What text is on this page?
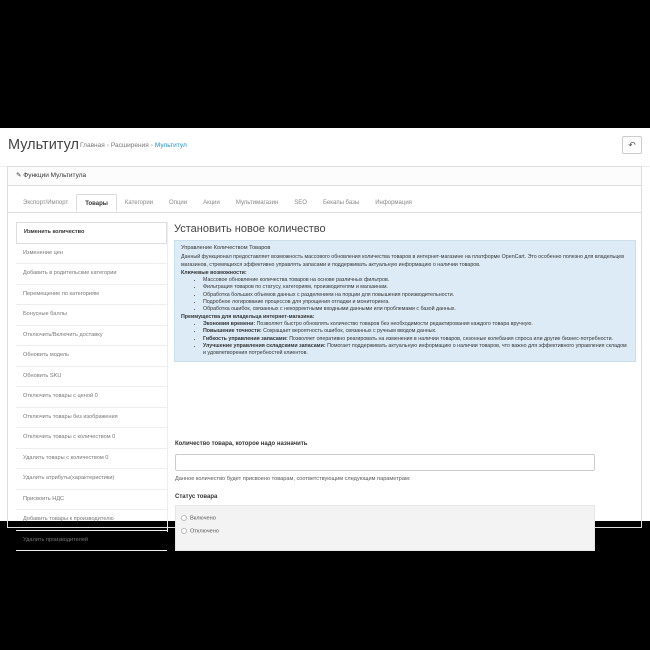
Мультитул Главная › Расширения › Мультитул	↶
✎ Функции Мультитула
Экспорт/Импорт	Товары	Категории	Опции	Акции	Мультимагазин	SEO	Бекапы базы	Информация
Изменить количество
Изменение цен
Добавить в родительские категории
Перемещение по категориям
Бонусные баллы
Отключить/Включить доставку
Обновить модель
Обновить SKU
Отключить товары с ценой 0
Отключить товары без изображения
Отключить товары с количеством 0
Удалить товары с количеством 0
Удалить атрибуты(характеристики)
Присвоить НДС
Добавить товары к производителю
Удалить производителей
Установить новое количество
Управление Количеством Товаров

Данный функционал предоставляет возможность массового обновления количества товаров в интернет-магазине на платформе OpenCart. Это особенно полезно для владельцев магазинов, стремящихся эффективно управлять запасами и поддерживать актуальную информацию о наличии товаров.

Ключевые возможности:
• Массовое обновление количества товаров на основе различных фильтров.
• Фильтрация товаров по статусу, категориям, производителям и магазинам.
• Обработка больших объемов данных с разделением на порции для повышения производительности.
• Подробное логирование процессов для упрощения отладки и мониторинга.
• Обработка ошибок, связанных с некорректными входными данными или проблемами с базой данных.
Преимущества для владельца интернет-магазина:
• Экономия времени: Позволяет быстро обновлять количество товаров без необходимости редактирования каждого товара вручную.
• Повышение точности: Сокращает вероятность ошибок, связанных с ручным вводом данных.
• Гибкость управления запасами: Позволяет оперативно реагировать на изменения в наличии товаров, сезонные колебания спроса или другие бизнес-потребности.
• Улучшение управления складскими запасами: Помогает поддерживать актуальную информацию о наличии товаров, что важно для эффективного управления складом и удовлетворения потребностей клиентов.
Количество товара, которое надо назначить
Данное количество будет присвоено товарам, соответствующим следующим параметрам:
Статус товара
Включено
Отключено
